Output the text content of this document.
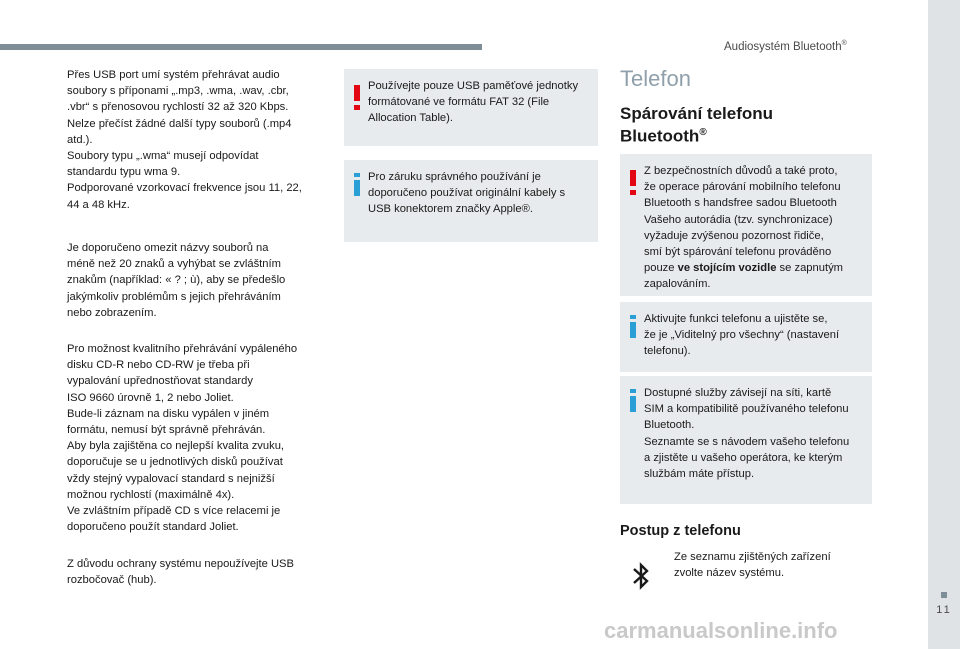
Audiosystém Bluetooth®
11

Přes USB port umí systém přehrávat audio
soubory s příponami „.mp3, .wma, .wav, .cbr,
.vbr“ s přenosovou rychlostí 32 až 320 Kbps.
Nelze přečíst žádné další typy souborů (.mp4
atd.).
Soubory typu „.wma“ musejí odpovídat
standardu typu wma 9.
Podporované vzorkovací frekvence jsou 11, 22,
44 a 48 kHz.

Je doporučeno omezit názvy souborů na
méně než 20 znaků a vyhýbat se zvláštním
znakům (například: « ? ; ù), aby se předešlo
jakýmkoliv problémům s jejich přehráváním
nebo zobrazením.

Pro možnost kvalitního přehrávání vypáleného
disku CD-R nebo CD-RW je třeba při
vypalování upřednostňovat standardy
ISO 9660 úrovně 1, 2 nebo Joliet.
Bude-li záznam na disku vypálen v jiném
formátu, nemusí být správně přehráván.
Aby byla zajištěna co nejlepší kvalita zvuku,
doporučuje se u jednotlivých disků používat
vždy stejný vypalovací standard s nejnižší
možnou rychlostí (maximálně 4x).
Ve zvláštním případě CD s více relacemi je
doporučeno použít standard Joliet.

Z důvodu ochrany systému nepoužívejte USB
rozbočovač (hub).

Používejte pouze USB paměťové jednotky
formátované ve formátu FAT 32 (File
Allocation Table).

Pro záruku správného používání je
doporučeno používat originální kabely s
USB konektorem značky Apple®.

Telefon
Spárování telefonu Bluetooth®

Z bezpečnostních důvodů a také proto,
že operace párování mobilního telefonu
Bluetooth s handsfree sadou Bluetooth
Vašeho autorádia (tzv. synchronizace)
vyžaduje zvýšenou pozornost řidiče,
smí být spárování telefonu prováděno
pouze ve stojícím vozidle se zapnutým
zapalováním.

Aktivujte funkci telefonu a ujistěte se,
že je „Viditelný pro všechny“ (nastavení
telefonu).

Dostupné služby závisejí na síti, kartě
SIM a kompatibilitě používaného telefonu
Bluetooth.
Seznamte se s návodem vašeho telefonu
a zjistěte u vašeho operátora, ke kterým
službám máte přístup.

Postup z telefonu

Ze seznamu zjištěných zařízení
zvolte název systému.

carmanualsonline.info
